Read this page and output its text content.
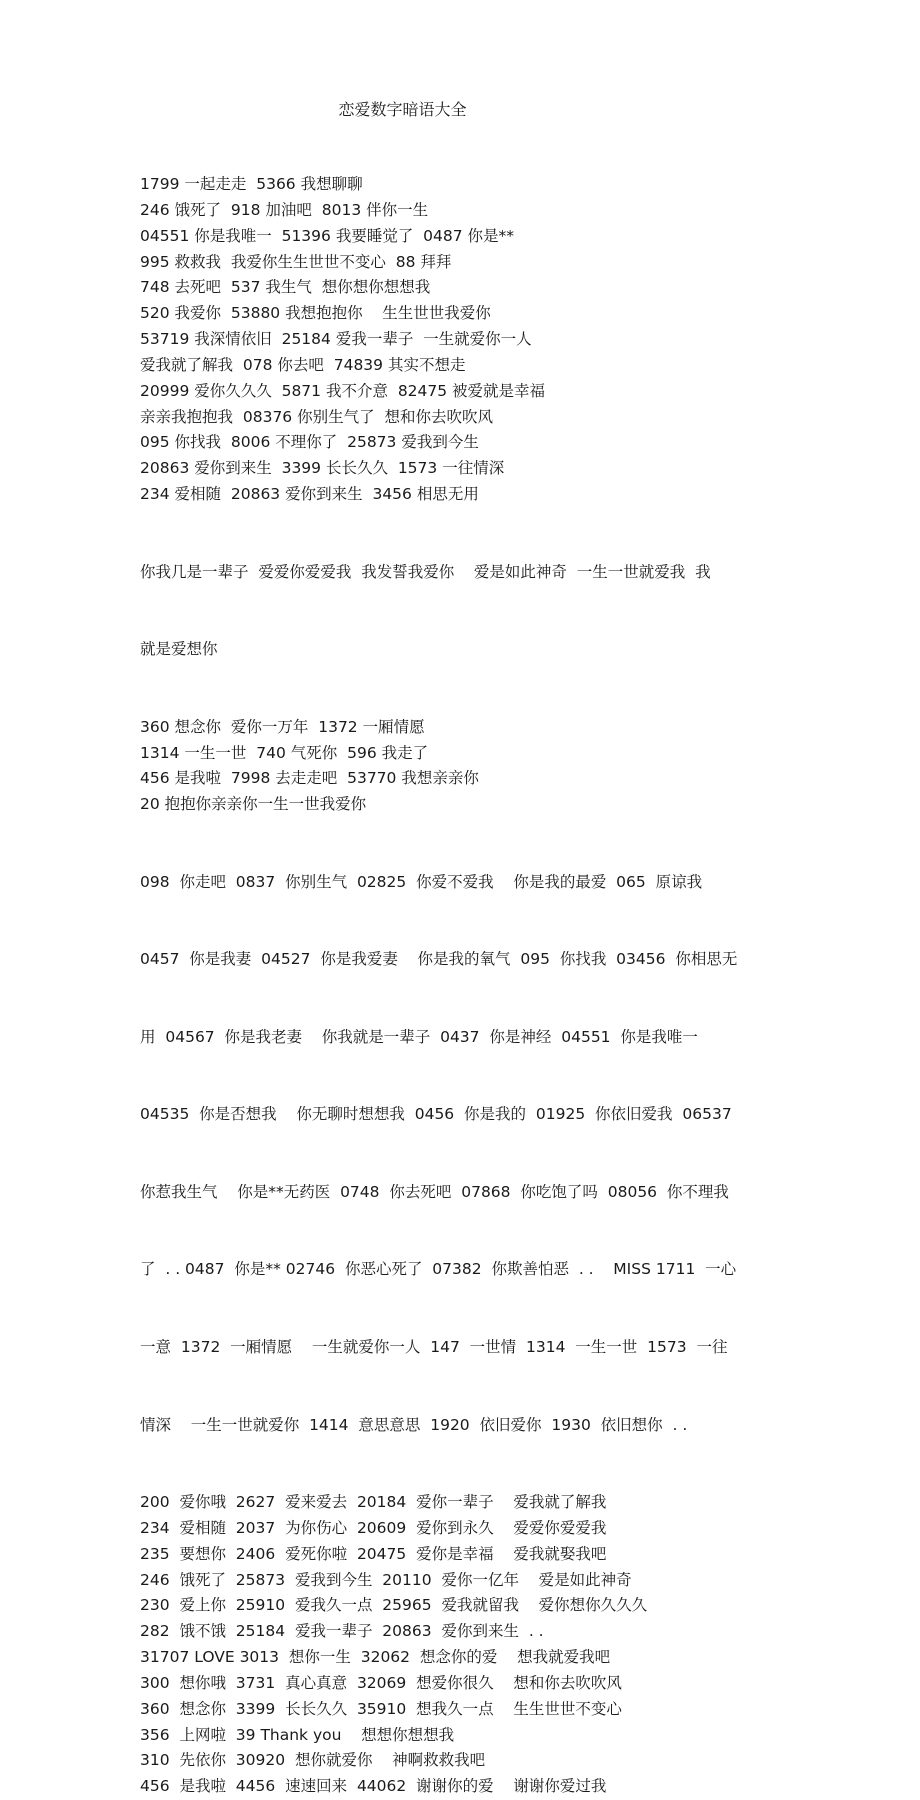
恋爱数字暗语大全
1799 一起走走  5366 我想聊聊
246 饿死了  918 加油吧  8013 伴你一生
04551 你是我唯一  51396 我要睡觉了  0487 你是**
995 救救我  我爱你生生世世不变心  88 拜拜
748 去死吧  537 我生气  想你想你想想我
520 我爱你  53880 我想抱抱你    生生世世我爱你
53719 我深情依旧  25184 爱我一辈子  一生就爱你一人
爱我就了解我  078 你去吧  74839 其实不想走
20999 爱你久久久  5871 我不介意  82475 被爱就是幸福
亲亲我抱抱我  08376 你别生气了  想和你去吹吹风
095 你找我  8006 不理你了  25873 爱我到今生
20863 爱你到来生  3399 长长久久  1573 一往情深
234 爱相随  20863 爱你到来生  3456 相思无用

你我几是一辈子  爱爱你爱爱我  我发誓我爱你    爱是如此神奇  一生一世就爱我  我

就是爱想你

360 想念你  爱你一万年  1372 一厢情愿
1314 一生一世  740 气死你  596 我走了
456 是我啦  7998 去走走吧  53770 我想亲亲你
20 抱抱你亲亲你一生一世我爱你

098  你走吧  0837  你别生气  02825  你爱不爱我    你是我的最爱  065  原谅我

0457  你是我妻  04527  你是我爱妻    你是我的氧气  095  你找我  03456  你相思无

用  04567  你是我老妻    你我就是一辈子  0437  你是神经  04551  你是我唯一

04535  你是否想我    你无聊时想想我  0456  你是我的  01925  你依旧爱我  06537

你惹我生气    你是**无药医  0748  你去死吧  07868  你吃饱了吗  08056  你不理我

了  . . 0487  你是** 02746  你恶心死了  07382  你欺善怕恶  . .    MISS 1711  一心

一意  1372  一厢情愿    一生就爱你一人  147  一世情  1314  一生一世  1573  一往

情深    一生一世就爱你  1414  意思意思  1920  依旧爱你  1930  依旧想你  . .

200  爱你哦  2627  爱来爱去  20184  爱你一辈子    爱我就了解我
234  爱相随  2037  为你伤心  20609  爱你到永久    爱爱你爱爱我
235  要想你  2406  爱死你啦  20475  爱你是幸福    爱我就娶我吧
246  饿死了  25873  爱我到今生  20110  爱你一亿年    爱是如此神奇
230  爱上你  25910  爱我久一点  25965  爱我就留我    爱你想你久久久
282  饿不饿  25184  爱我一辈子  20863  爱你到来生  . .
31707 LOVE 3013  想你一生  32062  想念你的爱    想我就爱我吧
300  想你哦  3731  真心真意  32069  想爱你很久    想和你去吹吹风
360  想念你  3399  长长久久  35910  想我久一点    生生世世不变心
356  上网啦  39 Thank you    想想你想想我
310  先依你  30920  想你就爱你    神啊救救我吧
456  是我啦  4456  速速回来  44062  谢谢你的爱    谢谢你爱过我
